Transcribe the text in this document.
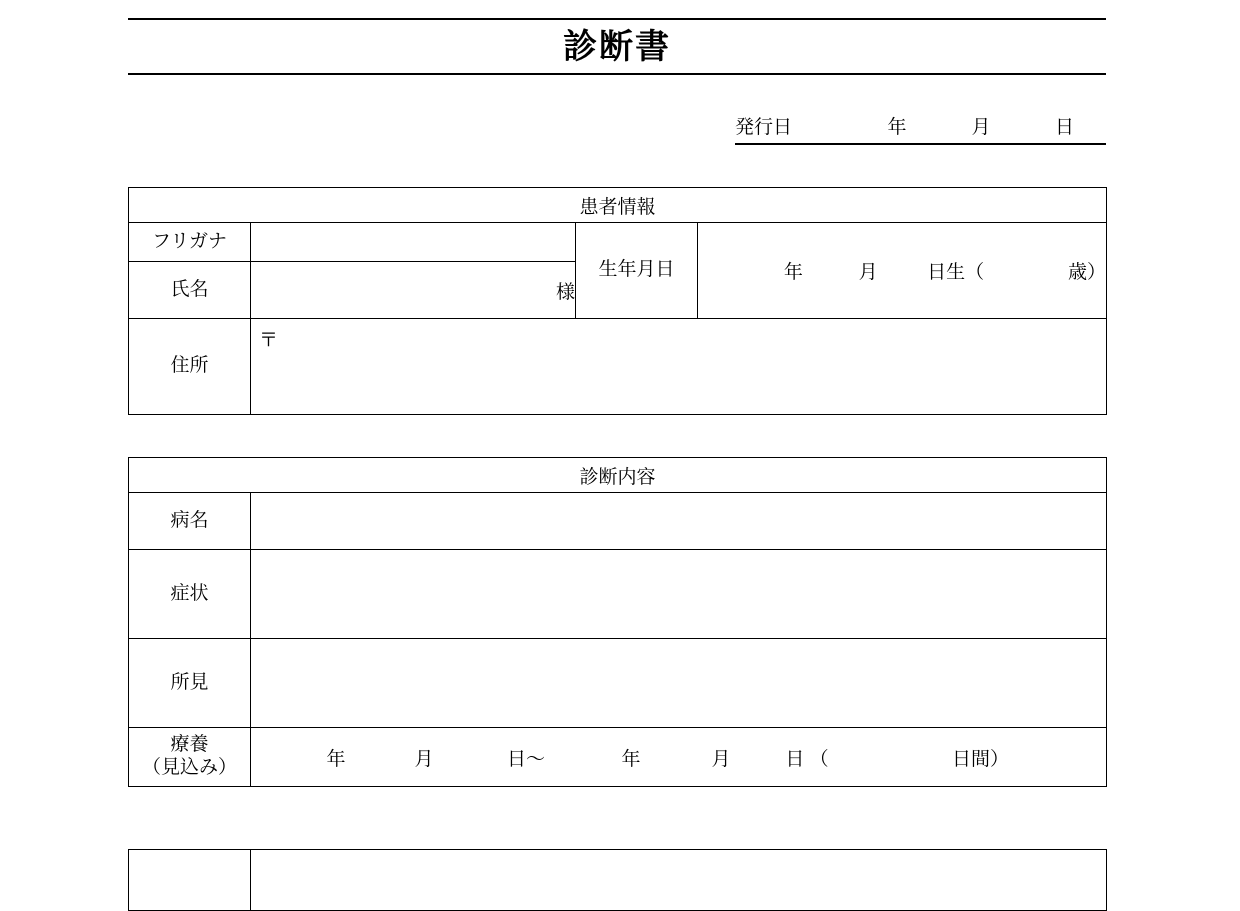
診断書
発行日	年	月	日
患者情報			
フリガナ		生年月日	年 月 日生（ 歳）

氏名	様		
住所	〒		
診断内容	
病名	
症状	
所見	

療養
（見込み）	年	月	日〜	年	月	日 （	日間）
